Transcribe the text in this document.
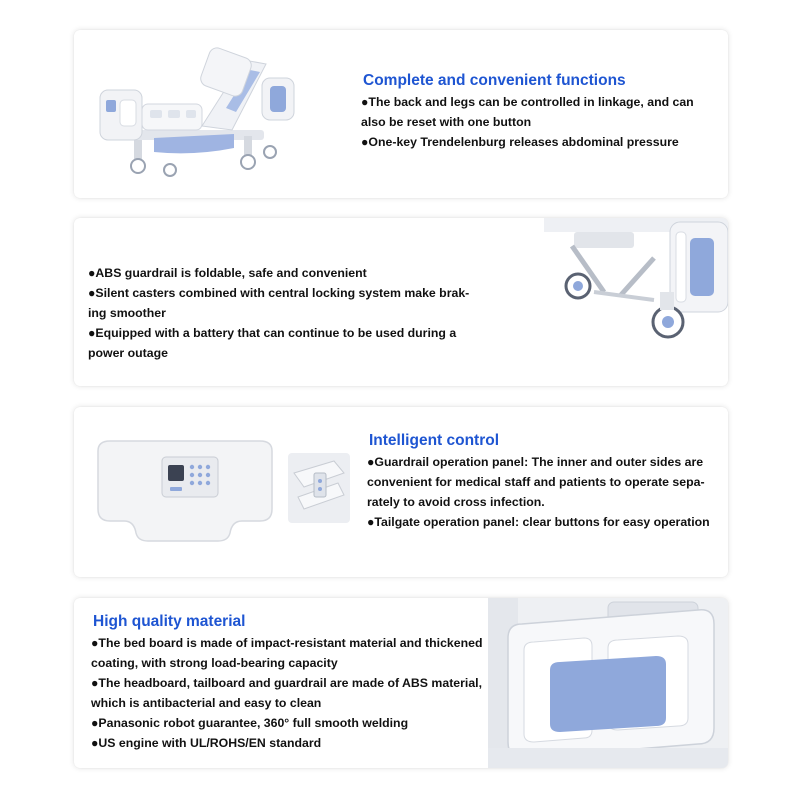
Complete and convenient functions
●The back and legs can be controlled in linkage, and can
also be reset with one button
●One-key Trendelenburg releases abdominal pressure
●ABS guardrail is foldable, safe and convenient
●Silent casters combined with central locking system make brak-
ing smoother
●Equipped with a battery that can continue to be used during a
power outage
Intelligent control
●Guardrail operation panel: The inner and outer sides are
convenient for medical staff and patients to operate sepa-
rately to avoid cross infection.
●Tailgate operation panel: clear buttons for easy operation
High quality material
●The bed board is made of impact-resistant material and thickened
coating, with strong load-bearing capacity
●The headboard, tailboard and guardrail are made of ABS material,
which is antibacterial and easy to clean
●Panasonic robot guarantee, 360° full smooth welding
●US engine with UL/ROHS/EN standard
